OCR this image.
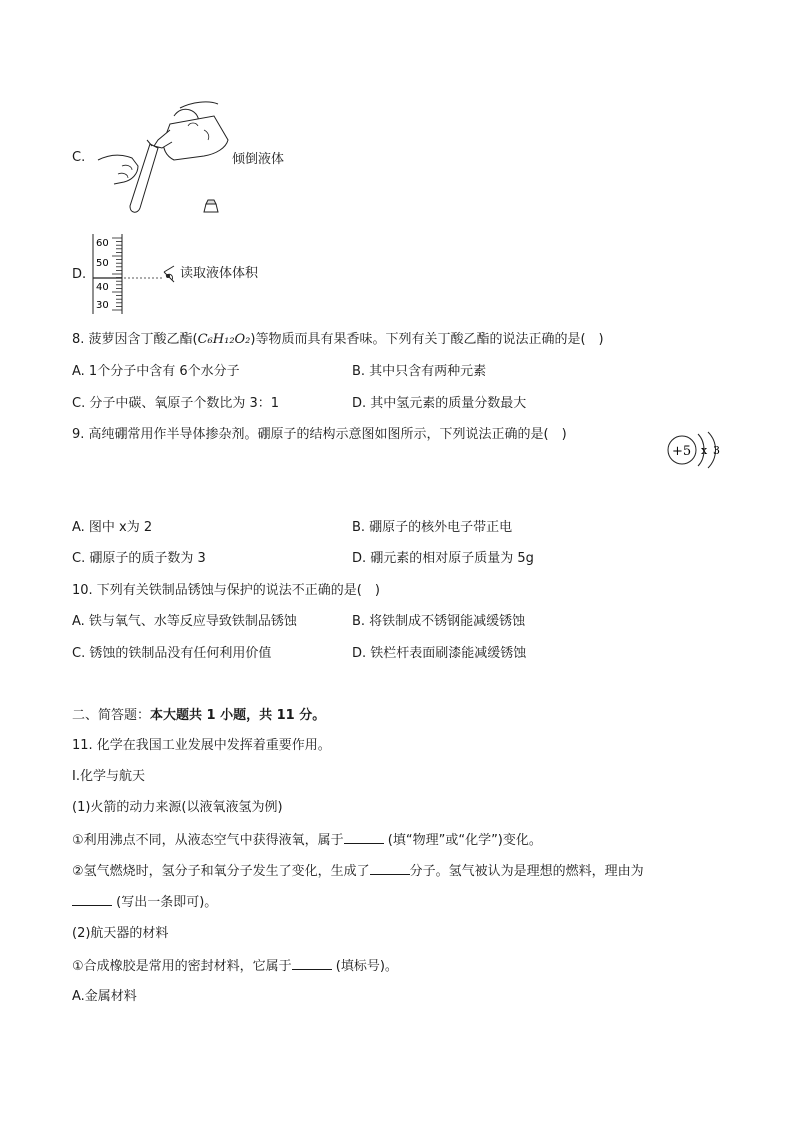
C.	倾倒液体
D.
60
50
40
30
读取液体体积
8. 菠萝因含丁酸乙酯(C₆H₁₂O₂)等物质而具有果香味。下列有关丁酸乙酯的说法正确的是(　)
A. 1个分子中含有 6个水分子	B. 其中只含有两种元素
C. 分子中碳、氧原子个数比为 3：1	D. 其中氢元素的质量分数最大
9. 高纯硼常用作半导体掺杂剂。硼原子的结构示意图如图所示，下列说法正确的是(　)
+5 x 3
A. 图中 x为 2	B. 硼原子的核外电子带正电
C. 硼原子的质子数为 3	D. 硼元素的相对原子质量为 5g
10. 下列有关铁制品锈蚀与保护的说法不正确的是(　)
A. 铁与氧气、水等反应导致铁制品锈蚀	B. 将铁制成不锈钢能减缓锈蚀
C. 锈蚀的铁制品没有任何利用价值	D. 铁栏杆表面刷漆能减缓锈蚀
二、简答题：本大题共 1 小题，共 11 分。
11. 化学在我国工业发展中发挥着重要作用。
Ⅰ.化学与航天
(1)火箭的动力来源(以液氧液氢为例)
①利用沸点不同，从液态空气中获得液氧，属于	(填“物理”或“化学”)变化。
②氢气燃烧时，氢分子和氧分子发生了变化，生成了	分子。氢气被认为是理想的燃料，理由为
(写出一条即可)。
(2)航天器的材料
①合成橡胶是常用的密封材料，它属于	(填标号)。
A.金属材料
